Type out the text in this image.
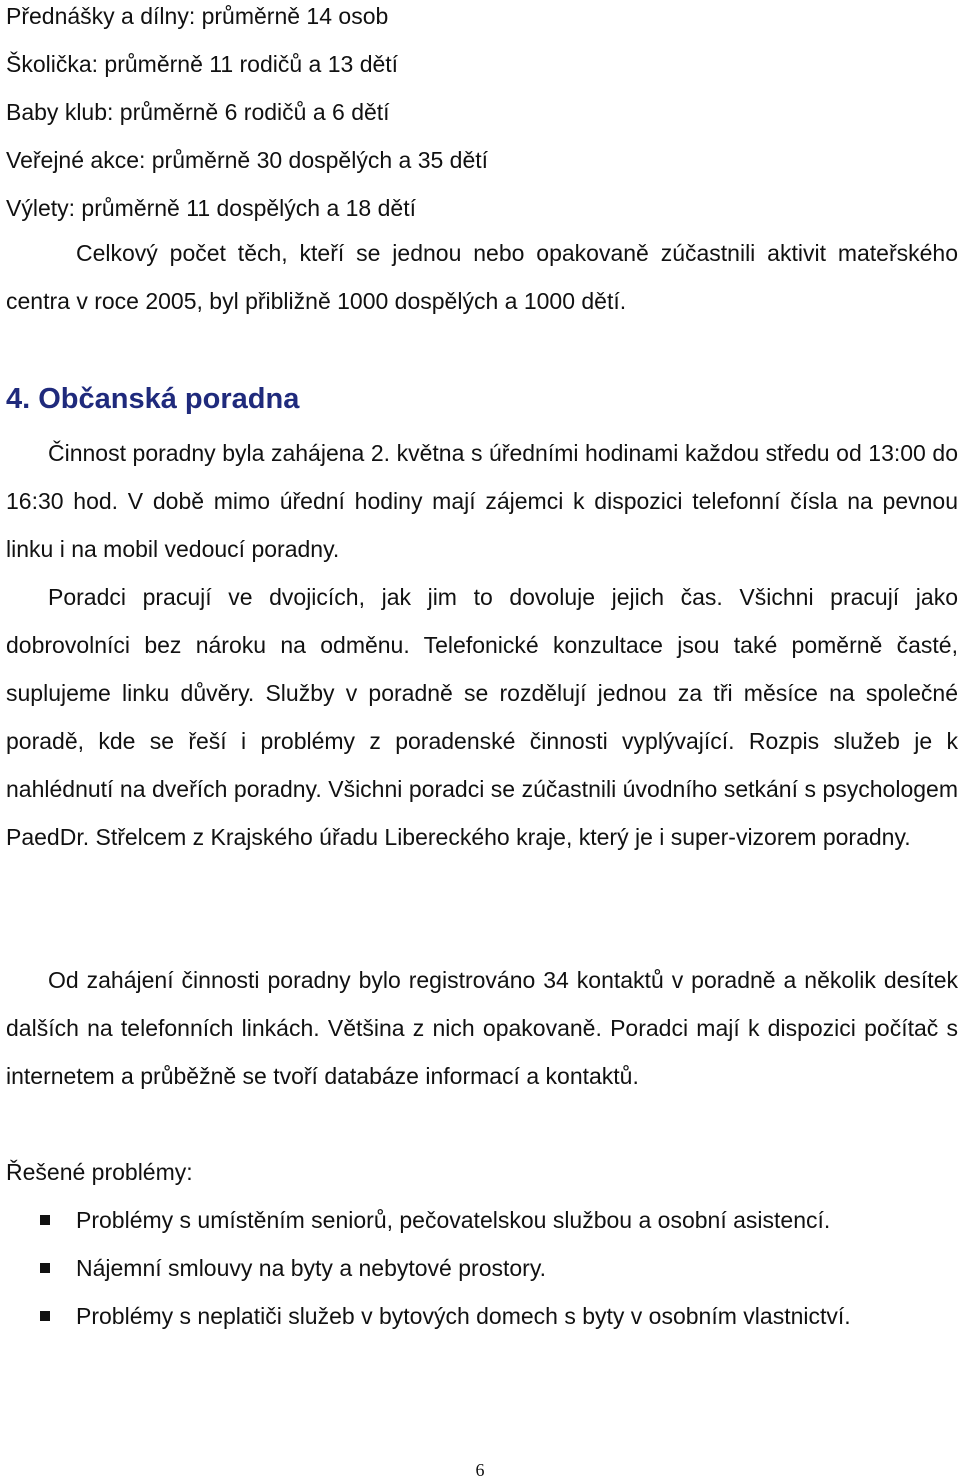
Přednášky a dílny: průměrně 14 osob
Školička: průměrně 11 rodičů a 13 dětí
Baby klub: průměrně 6 rodičů a 6 dětí
Veřejné akce: průměrně 30 dospělých a 35 dětí
Výlety: průměrně 11 dospělých a 18 dětí
Celkový počet těch, kteří se jednou nebo opakovaně zúčastnili aktivit mateřského centra v roce 2005, byl přibližně 1000 dospělých a 1000 dětí.
4. Občanská poradna
Činnost poradny byla zahájena 2. května s úředními hodinami každou středu od 13:00 do 16:30 hod. V době mimo úřední hodiny mají zájemci k dispozici telefonní čísla na pevnou linku i na mobil vedoucí poradny.
Poradci pracují ve dvojicích, jak jim to dovoluje jejich čas. Všichni pracují jako dobrovolníci bez nároku na odměnu. Telefonické konzultace jsou také poměrně časté, suplujeme linku důvěry. Služby v poradně se rozdělují jednou za tři měsíce na společné poradě, kde se řeší i problémy z poradenské činnosti vyplývající. Rozpis služeb je k nahlédnutí na dveřích poradny. Všichni poradci se zúčastnili úvodního setkání s psychologem PaedDr. Střelcem z Krajského úřadu Libereckého kraje, který je i super-vizorem poradny.
Od zahájení činnosti poradny bylo registrováno 34 kontaktů v poradně a několik desítek dalších na telefonních linkách. Většina z nich opakovaně. Poradci mají k dispozici počítač s internetem a průběžně se tvoří databáze informací a kontaktů.
Řešené problémy:
Problémy s umístěním seniorů, pečovatelskou službou a osobní asistencí.
Nájemní smlouvy na byty a nebytové prostory.
Problémy s neplatiči služeb v bytových domech s byty v osobním vlastnictví.
6
